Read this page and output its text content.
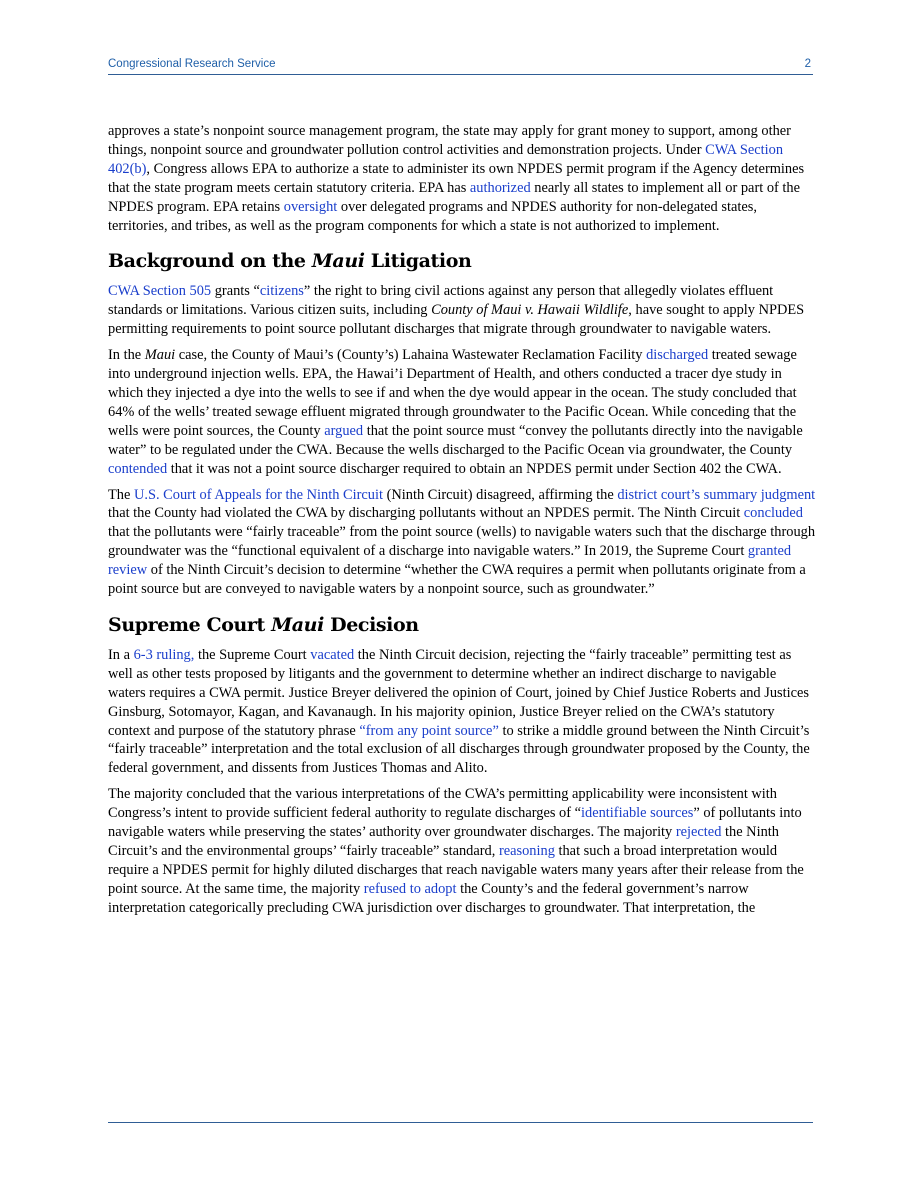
Congressional Research Service	2

approves a state’s nonpoint source management program, the state may apply for grant money to support, among other things, nonpoint source and groundwater pollution control activities and demonstration projects. Under CWA Section 402(b), Congress allows EPA to authorize a state to administer its own NPDES permit program if the Agency determines that the state program meets certain statutory criteria. EPA has authorized nearly all states to implement all or part of the NPDES program. EPA retains oversight over delegated programs and NPDES authority for non-delegated states, territories, and tribes, as well as the program components for which a state is not authorized to implement.

Background on the Maui Litigation

CWA Section 505 grants “citizens” the right to bring civil actions against any person that allegedly violates effluent standards or limitations. Various citizen suits, including County of Maui v. Hawaii Wildlife, have sought to apply NPDES permitting requirements to point source pollutant discharges that migrate through groundwater to navigable waters.

In the Maui case, the County of Maui’s (County’s) Lahaina Wastewater Reclamation Facility discharged treated sewage into underground injection wells. EPA, the Hawai’i Department of Health, and others conducted a tracer dye study in which they injected a dye into the wells to see if and when the dye would appear in the ocean. The study concluded that 64% of the wells’ treated sewage effluent migrated through groundwater to the Pacific Ocean. While conceding that the wells were point sources, the County argued that the point source must “convey the pollutants directly into the navigable water” to be regulated under the CWA. Because the wells discharged to the Pacific Ocean via groundwater, the County contended that it was not a point source discharger required to obtain an NPDES permit under Section 402 the CWA.

The U.S. Court of Appeals for the Ninth Circuit (Ninth Circuit) disagreed, affirming the district court’s summary judgment that the County had violated the CWA by discharging pollutants without an NPDES permit. The Ninth Circuit concluded that the pollutants were “fairly traceable” from the point source (wells) to navigable waters such that the discharge through groundwater was the “functional equivalent of a discharge into navigable waters.” In 2019, the Supreme Court granted review of the Ninth Circuit’s decision to determine “whether the CWA requires a permit when pollutants originate from a point source but are conveyed to navigable waters by a nonpoint source, such as groundwater.”

Supreme Court Maui Decision

In a 6-3 ruling, the Supreme Court vacated the Ninth Circuit decision, rejecting the “fairly traceable” permitting test as well as other tests proposed by litigants and the government to determine whether an indirect discharge to navigable waters requires a CWA permit. Justice Breyer delivered the opinion of Court, joined by Chief Justice Roberts and Justices Ginsburg, Sotomayor, Kagan, and Kavanaugh. In his majority opinion, Justice Breyer relied on the CWA’s statutory context and purpose of the statutory phrase “from any point source” to strike a middle ground between the Ninth Circuit’s “fairly traceable” interpretation and the total exclusion of all discharges through groundwater proposed by the County, the federal government, and dissents from Justices Thomas and Alito.

The majority concluded that the various interpretations of the CWA’s permitting applicability were inconsistent with Congress’s intent to provide sufficient federal authority to regulate discharges of “identifiable sources” of pollutants into navigable waters while preserving the states’ authority over groundwater discharges. The majority rejected the Ninth Circuit’s and the environmental groups’ “fairly traceable” standard, reasoning that such a broad interpretation would require a NPDES permit for highly diluted discharges that reach navigable waters many years after their release from the point source. At the same time, the majority refused to adopt the County’s and the federal government’s narrow interpretation categorically precluding CWA jurisdiction over discharges to groundwater. That interpretation, the
